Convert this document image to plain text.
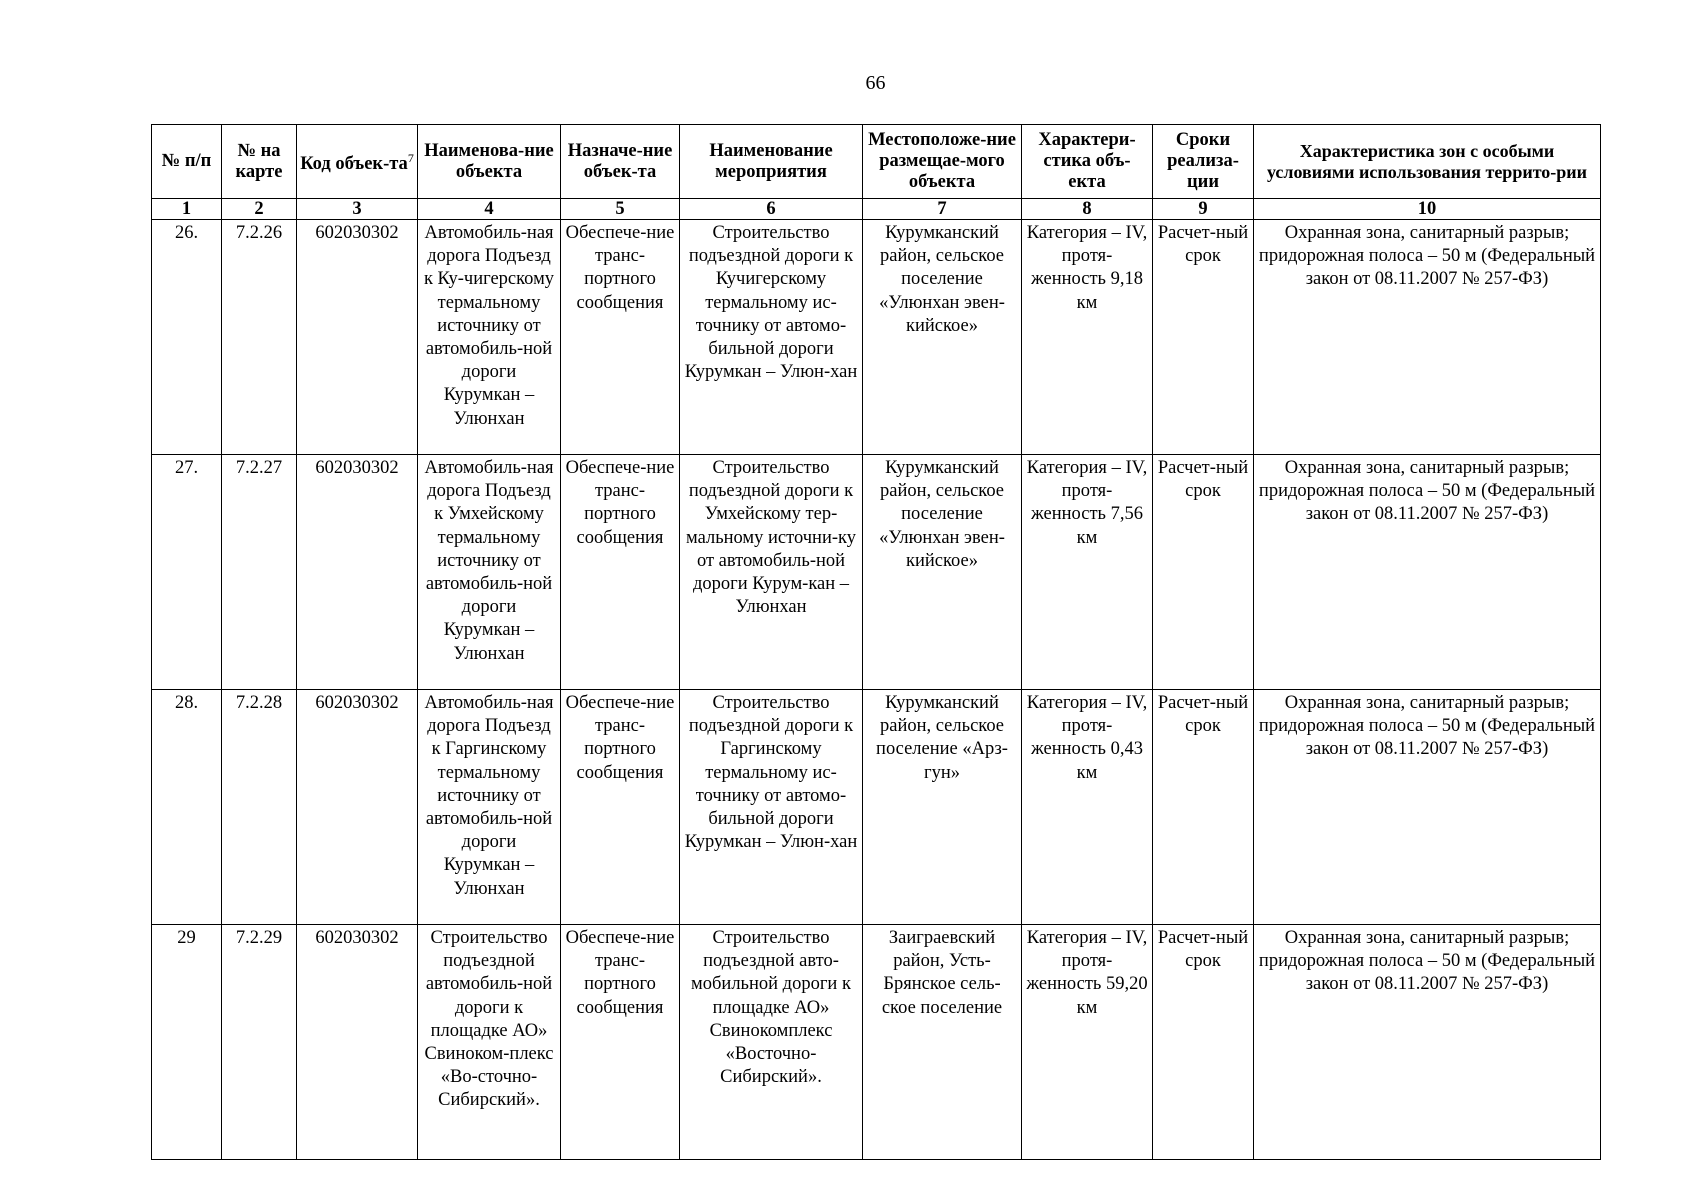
66
№ п/п	№ на карте	Код объек-$та^7$	Наименова-ние объекта	Назначе-ние объек-та	Наименование мероприятия	Местоположе-ние размещае-мого объекта	Характери-стика объ-екта	Сроки реализа-ции	Характеристика зон с особыми условиями использования террито-рии
1	2	3	4	5	6	7	8	9	10
26.	7.2.26	602030302	Автомобиль-ная дорога Подъезд к Ку-чигерскому термальному источнику от автомобиль-ной дороги Курумкан – Улюнхан	Обеспече-ние транс-портного сообщения	Строительство подъездной дороги к Кучигерскому термальному ис-точнику от автомо-бильной дороги Курумкан – Улюн-хан	Курумканский район, сельское поселение «Улюнхан эвен-кийское»	Категория – IV, протя-женность 9,18 км	Расчет-ный срок	Охранная зона, санитарный разрыв; придорожная полоса – 50 м (Федеральный закон от 08.11.2007 № 257-ФЗ)
27.	7.2.27	602030302	Автомобиль-ная дорога Подъезд к Умхейскому термальному источнику от автомобиль-ной дороги Курумкан – Улюнхан	Обеспече-ние транс-портного сообщения	Строительство подъездной дороги к Умхейскому тер-мальному источни-ку от автомобиль-ной дороги Курум-кан – Улюнхан	Курумканский район, сельское поселение «Улюнхан эвен-кийское»	Категория – IV, протя-женность 7,56 км	Расчет-ный срок	Охранная зона, санитарный разрыв; придорожная полоса – 50 м (Федеральный закон от 08.11.2007 № 257-ФЗ)
28.	7.2.28	602030302	Автомобиль-ная дорога Подъезд к Гаргинскому термальному источнику от автомобиль-ной дороги Курумкан – Улюнхан	Обеспече-ние транс-портного сообщения	Строительство подъездной дороги к Гаргинскому термальному ис-точнику от автомо-бильной дороги Курумкан – Улюн-хан	Курумканский район, сельское поселение «Арз-гун»	Категория – IV, протя-женность 0,43 км	Расчет-ный срок	Охранная зона, санитарный разрыв; придорожная полоса – 50 м (Федеральный закон от 08.11.2007 № 257-ФЗ)
29	7.2.29	602030302	Строительство подъездной автомобиль-ной дороги к площадке АО» Свиноком-плекс «Во-сточно-Сибирский».	Обеспече-ние транс-портного сообщения	Строительство подъездной авто-мобильной дороги к площадке АО» Свинокомплекс «Восточно-Сибирский».	Заиграевский район, Усть-Брянское сель-ское поселение	Категория – IV, протя-женность 59,20 км	Расчет-ный срок	Охранная зона, санитарный разрыв; придорожная полоса – 50 м (Федеральный закон от 08.11.2007 № 257-ФЗ)
